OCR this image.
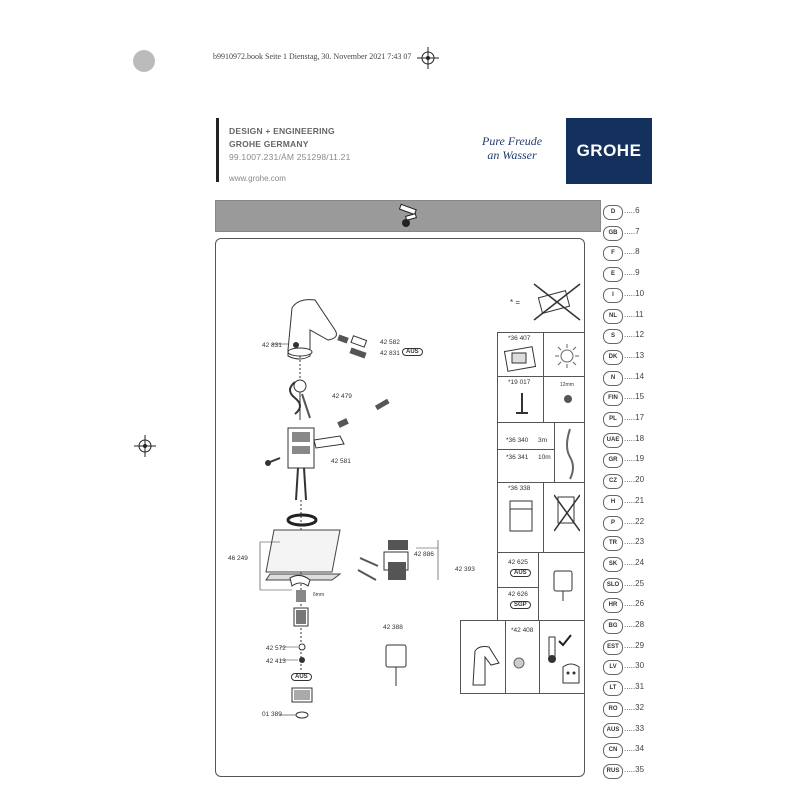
b9910972.book Seite 1 Dienstag, 30. November 2021 7:43 07
DESIGN + ENGINEERING
GROHE GERMANY
99.1007.231/ÄM 251298/11.21
www.grohe.com
Pure Freude
an Wasser	GROHE
42 831	42 582
42 831	AUS
42 479
42 581
46 249
42 886
42 393
42 572
42 413
AUS
42 388
01 389
6mm
* =
*36 407
*19 017	12mm
*36 340 3m
*36 341 10m
*36 338
42 625
AUS
42 626
SGP
*42 408
D	.....6
GB .....7
F	.....8
E	.....9
I	.....10
NL .....11
S	.....12
DK .....13
N	.....14
FIN .....15
PL .....17
UAE .....18
GR .....19
CZ .....20
H	.....21
P	.....22
TR .....23
SK .....24
SLO .....25
HR .....26
BG .....28
EST .....29
LV .....30
LT .....31
RO .....32
AUS .....33
CN .....34
RUS .....35
